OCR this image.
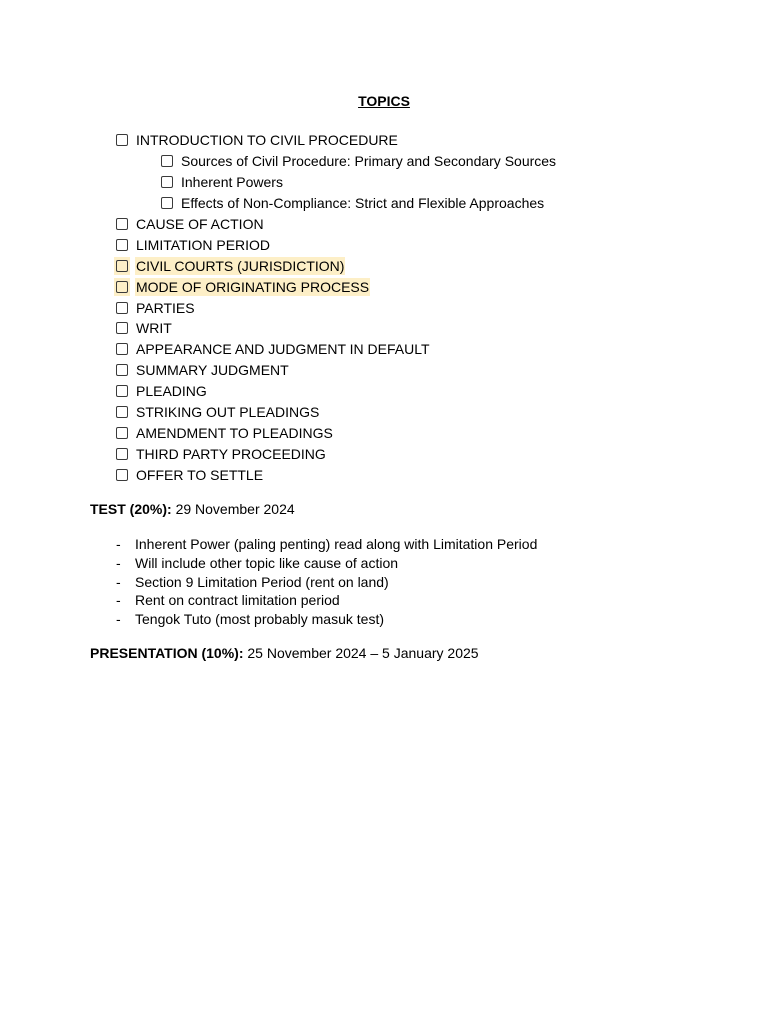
TOPICS
INTRODUCTION TO CIVIL PROCEDURE
Sources of Civil Procedure: Primary and Secondary Sources
Inherent Powers
Effects of Non-Compliance: Strict and Flexible Approaches
CAUSE OF ACTION
LIMITATION PERIOD
CIVIL COURTS (JURISDICTION)
MODE OF ORIGINATING PROCESS
PARTIES
WRIT
APPEARANCE AND JUDGMENT IN DEFAULT
SUMMARY JUDGMENT
PLEADING
STRIKING OUT PLEADINGS
AMENDMENT TO PLEADINGS
THIRD PARTY PROCEEDING
OFFER TO SETTLE
TEST (20%): 29 November 2024
-	Inherent Power (paling penting) read along with Limitation Period
-	Will include other topic like cause of action
-	Section 9 Limitation Period (rent on land)
-	Rent on contract limitation period
-	Tengok Tuto (most probably masuk test)
PRESENTATION (10%): 25 November 2024 – 5 January 2025
